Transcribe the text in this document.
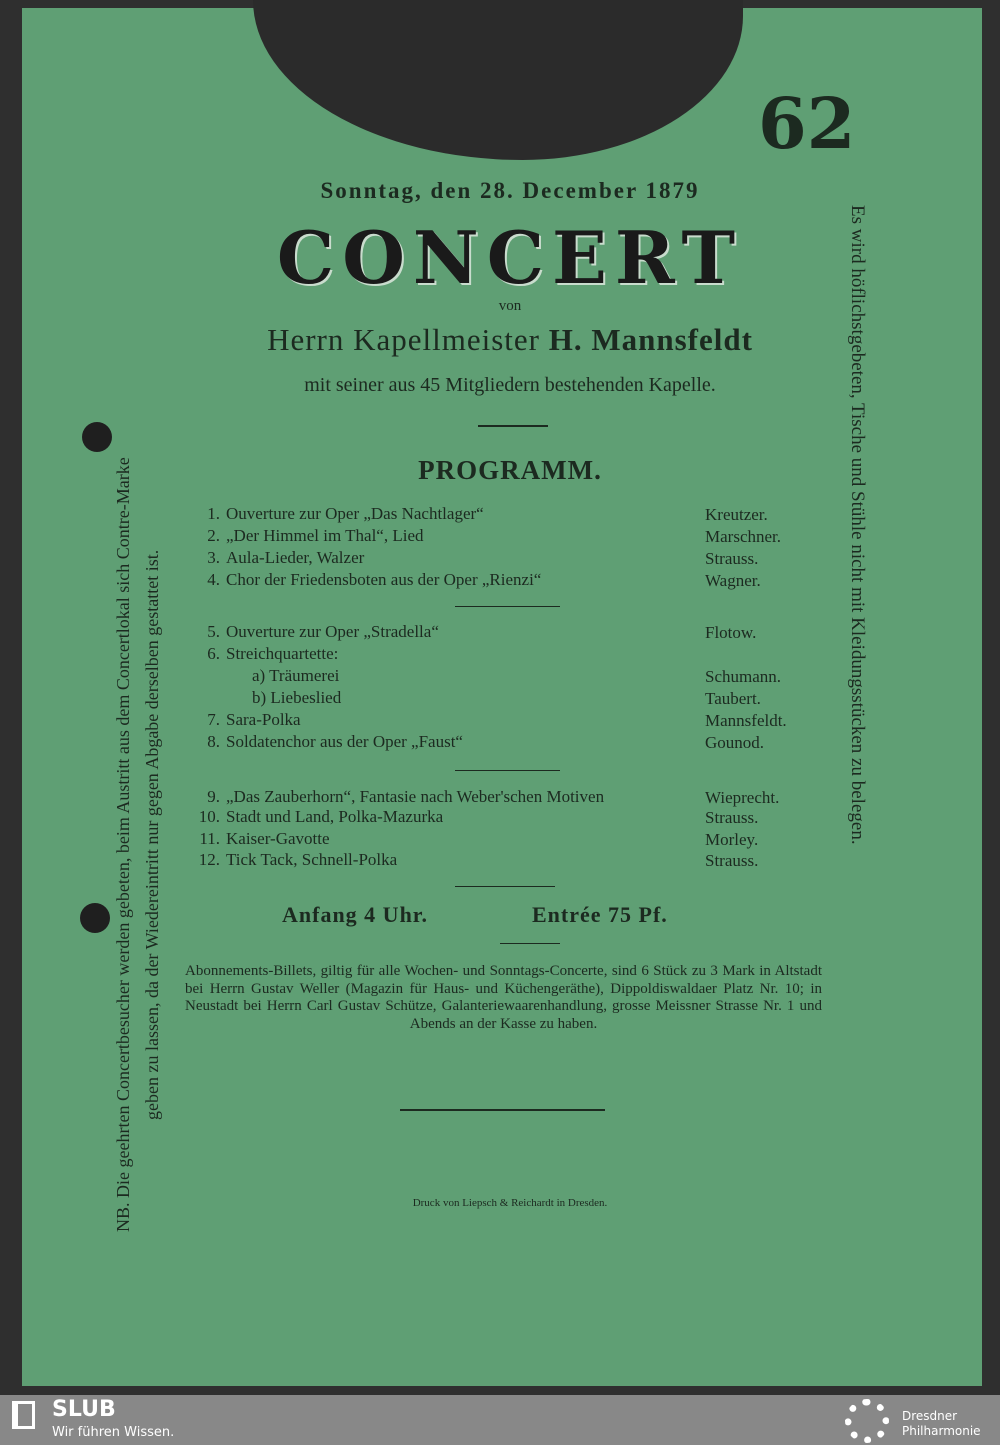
62
Sonntag, den 28. December 1879
CONCERT
von
Herrn Kapellmeister H. Mannsfeldt
mit seiner aus 45 Mitgliedern bestehenden Kapelle.
PROGRAMM.
1. Ouverture zur Oper „Das Nachtlager“	Kreutzer.
2. „Der Himmel im Thal“, Lied	Marschner.
3. Aula-Lieder, Walzer	Strauss.
4. Chor der Friedensboten aus der Oper „Rienzi“	Wagner.
5. Ouverture zur Oper „Stradella“	Flotow.
6. Streichquartette:
a) Träumerei	Schumann.
b) Liebeslied	Taubert.
7. Sara-Polka	Mannsfeldt.
8. Soldatenchor aus der Oper „Faust“	Gounod.
9. „Das Zauberhorn“, Fantasie nach Weber'schen Motiven	Wieprecht.
10. Stadt und Land, Polka-Mazurka	Strauss.
11. Kaiser-Gavotte	Morley.
12. Tick Tack, Schnell-Polka	Strauss.
Anfang 4 Uhr.	Entrée 75 Pf.
Abonnements-Billets, giltig für alle Wochen- und Sonntags-Concerte, sind 6 Stück zu 3 Mark in Altstadt bei Herrn Gustav Weller (Magazin für Haus- und Küchengeräthe), Dippoldiswaldaer Platz Nr. 10; in Neustadt bei Herrn Carl Gustav Schütze, Galanteriewaarenhandlung, grosse Meissner Strasse Nr. 1 und Abends an der Kasse zu haben.
Druck von Liepsch & Reichardt in Dresden.
NB. Die geehrten Concertbesucher werden gebeten, beim Austritt aus dem Concertlokal sich Contre-Marke geben zu lassen, da der Wiedereintritt nur gegen Abgabe derselben gestattet ist.	Es wird höflichstgebeten, Tische und Stühle nicht mit Kleidungsstücken zu belegen.
SLUB
Wir führen Wissen.
Dresdner
Philharmonie
